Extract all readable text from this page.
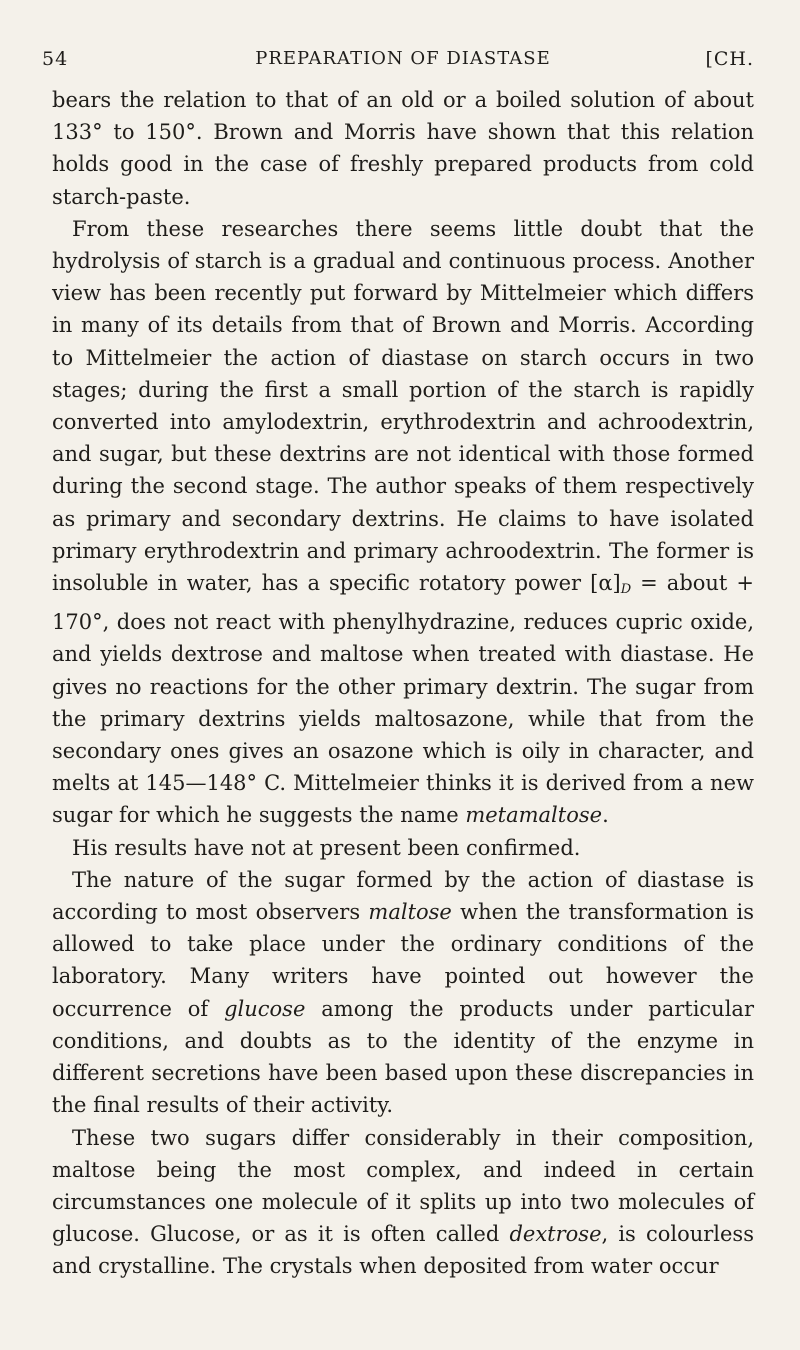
54	PREPARATION OF DIASTASE	[CH.

bears the relation to that of an old or a boiled solution of about 133° to 150°. Brown and Morris have shown that this relation holds good in the case of freshly prepared products from cold starch-paste.

From these researches there seems little doubt that the hydrolysis of starch is a gradual and continuous process. Another view has been recently put forward by Mittelmeier which differs in many of its details from that of Brown and Morris. According to Mittelmeier the action of diastase on starch occurs in two stages; during the first a small portion of the starch is rapidly converted into amylodextrin, erythrodextrin and achroodextrin, and sugar, but these dextrins are not identical with those formed during the second stage. The author speaks of them respectively as primary and secondary dextrins. He claims to have isolated primary erythrodextrin and primary achroodextrin. The former is insoluble in water, has a specific rotatory power $[\alpha]_D$ = about + 170°, does not react with phenylhydrazine, reduces cupric oxide, and yields dextrose and maltose when treated with diastase. He gives no reactions for the other primary dextrin. The sugar from the primary dextrins yields maltosazone, while that from the secondary ones gives an osazone which is oily in character, and melts at 145—148° C. Mittelmeier thinks it is derived from a new sugar for which he suggests the name metamaltose.

His results have not at present been confirmed.

The nature of the sugar formed by the action of diastase is according to most observers maltose when the transformation is allowed to take place under the ordinary conditions of the laboratory. Many writers have pointed out however the occurrence of glucose among the products under particular conditions, and doubts as to the identity of the enzyme in different secretions have been based upon these discrepancies in the final results of their activity.

These two sugars differ considerably in their composition, maltose being the most complex, and indeed in certain circumstances one molecule of it splits up into two molecules of glucose. Glucose, or as it is often called dextrose, is colourless and crystalline. The crystals when deposited from water occur
